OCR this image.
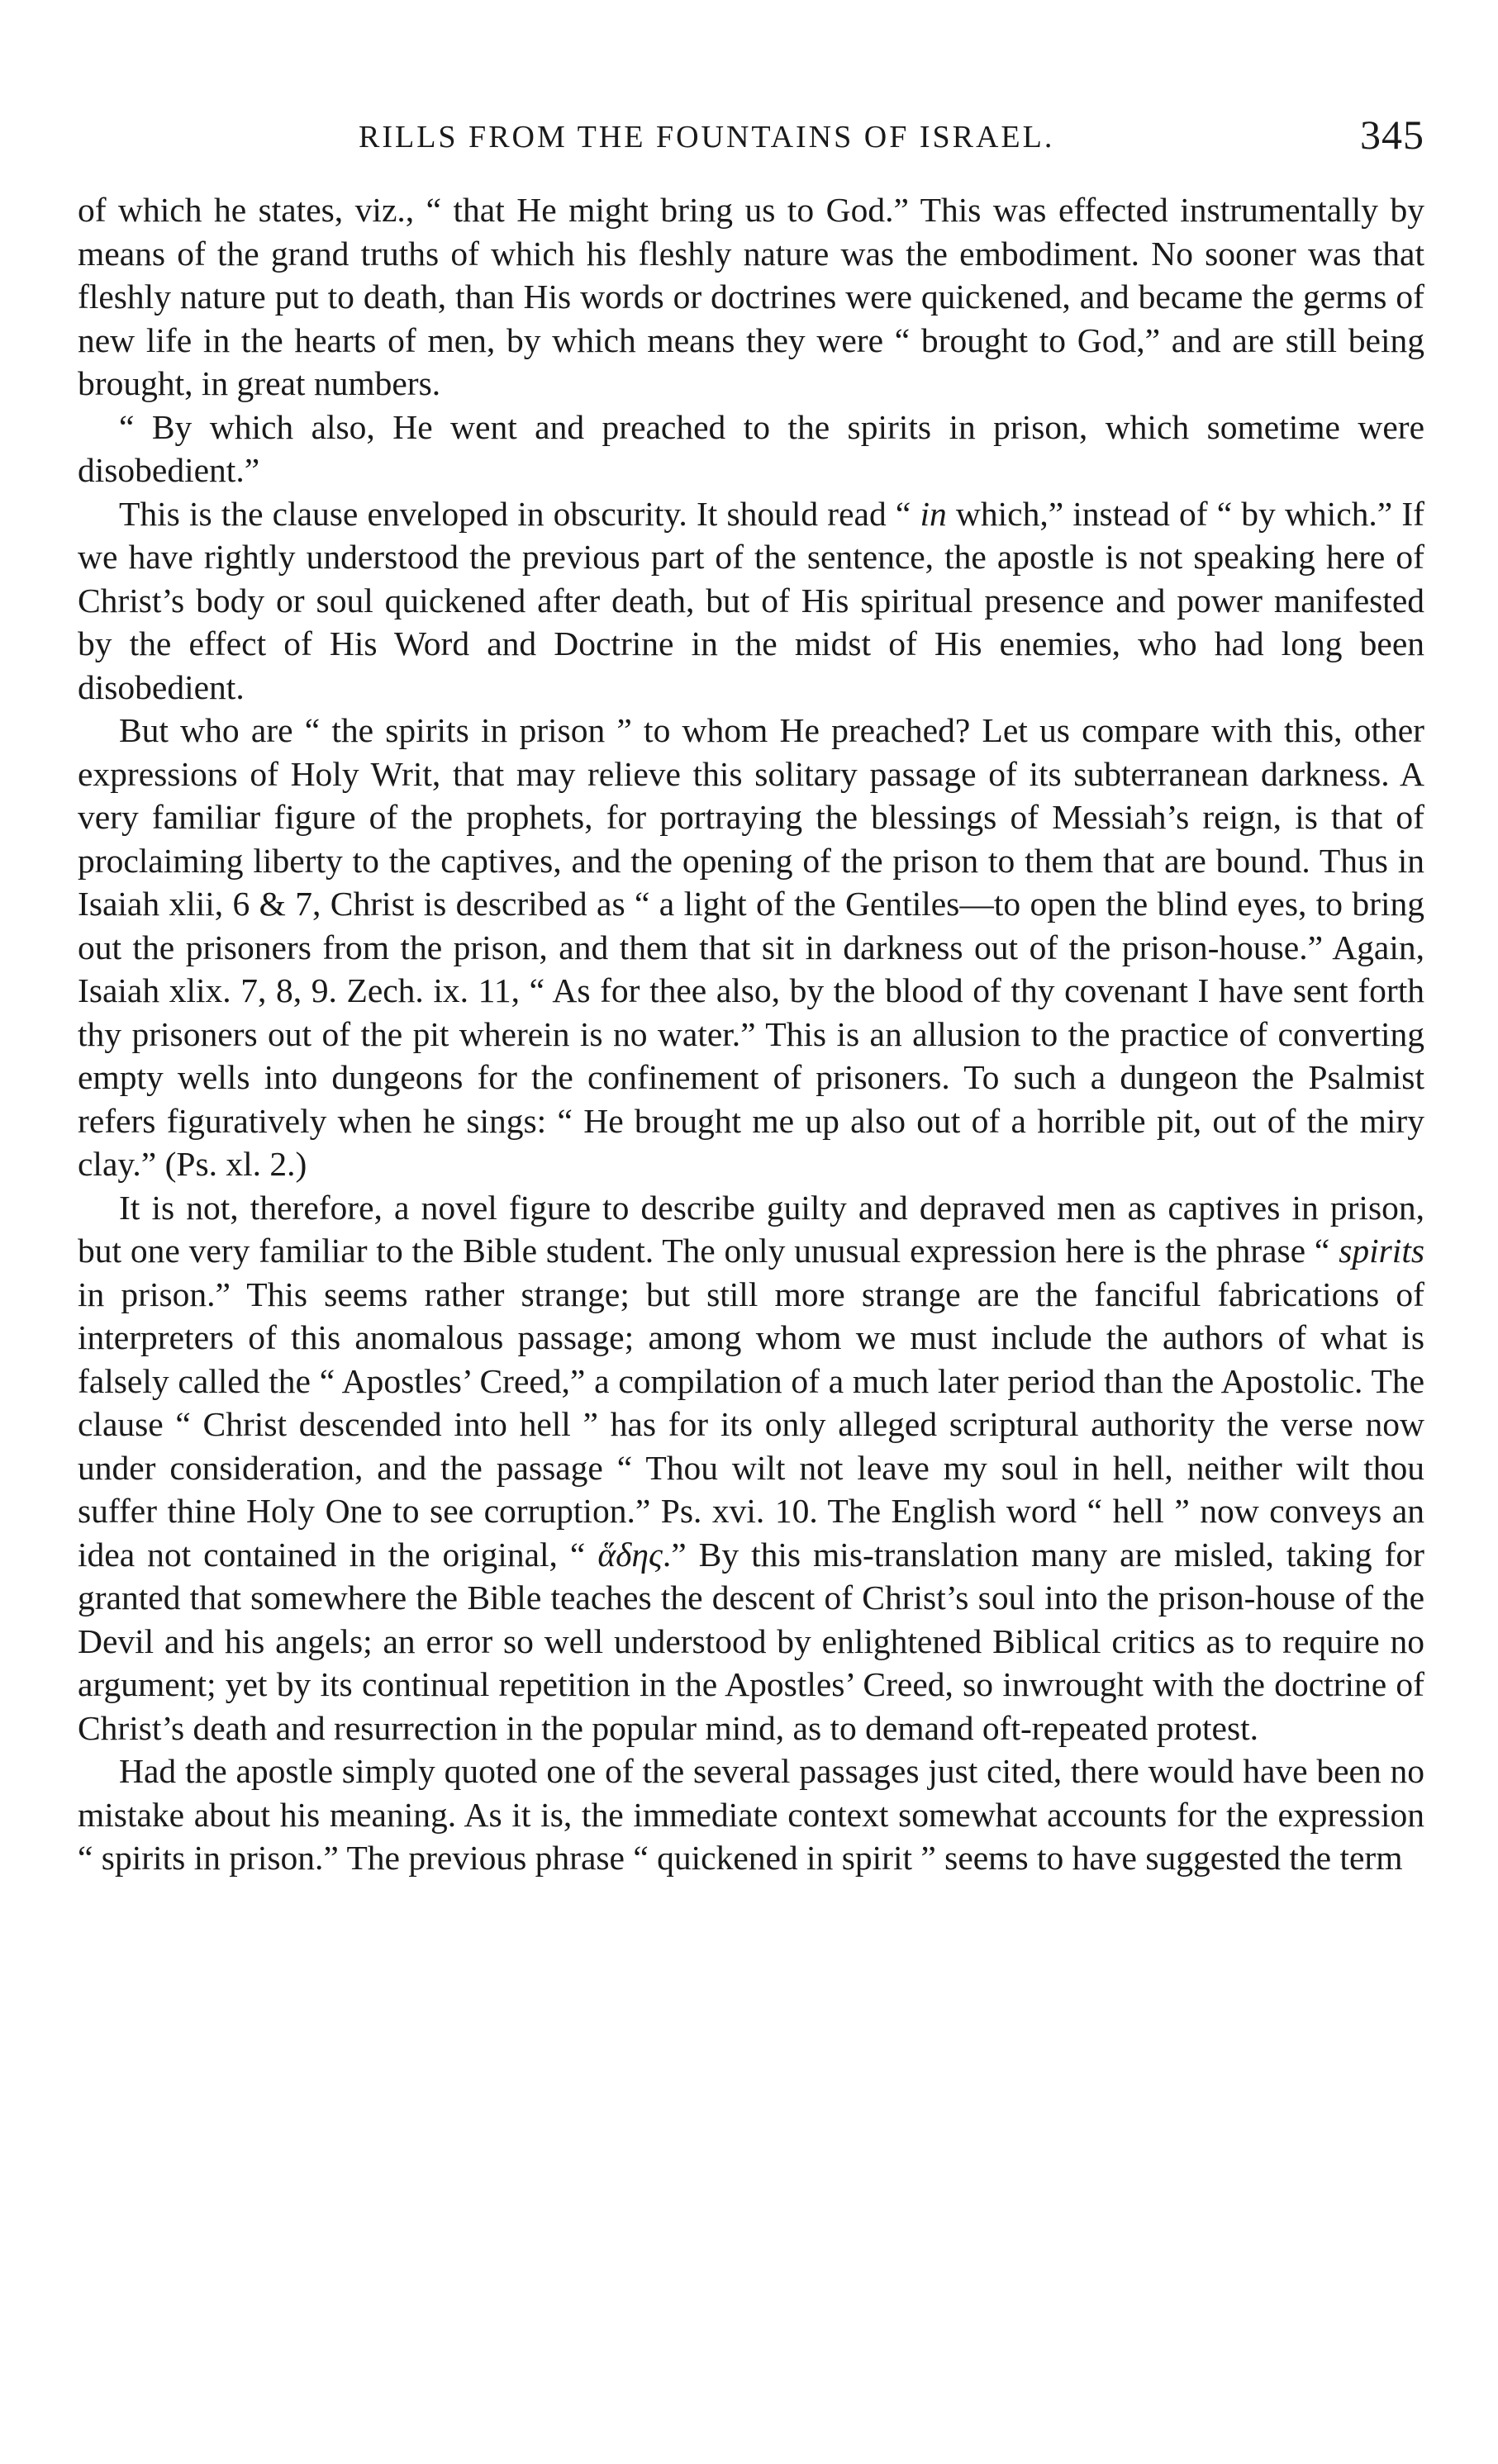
RILLS FROM THE FOUNTAINS OF ISRAEL.	345

of which he states, viz., “ that He might bring us to God.” This was effected instrumentally by means of the grand truths of which his fleshly nature was the embodiment. No sooner was that fleshly nature put to death, than His words or doctrines were quickened, and became the germs of new life in the hearts of men, by which means they were “ brought to God,” and are still being brought, in great numbers.

“ By which also, He went and preached to the spirits in prison, which sometime were disobedient.”

This is the clause enveloped in obscurity. It should read “ in which,” instead of “ by which.” If we have rightly understood the previous part of the sentence, the apostle is not speaking here of Christ’s body or soul quickened after death, but of His spiritual presence and power manifested by the effect of His Word and Doctrine in the midst of His enemies, who had long been disobedient.

But who are “ the spirits in prison ” to whom He preached? Let us compare with this, other expressions of Holy Writ, that may relieve this solitary passage of its subterranean darkness. A very familiar figure of the prophets, for portraying the blessings of Messiah’s reign, is that of proclaiming liberty to the captives, and the opening of the prison to them that are bound. Thus in Isaiah xlii, 6 & 7, Christ is described as “ a light of the Gentiles—to open the blind eyes, to bring out the prisoners from the prison, and them that sit in darkness out of the prison-house.” Again, Isaiah xlix. 7, 8, 9. Zech. ix. 11, “ As for thee also, by the blood of thy covenant I have sent forth thy prisoners out of the pit wherein is no water.” This is an allusion to the practice of converting empty wells into dungeons for the confinement of prisoners. To such a dungeon the Psalmist refers figuratively when he sings: “ He brought me up also out of a horrible pit, out of the miry clay.” (Ps. xl. 2.)

It is not, therefore, a novel figure to describe guilty and depraved men as captives in prison, but one very familiar to the Bible student. The only unusual expression here is the phrase “ spirits in prison.” This seems rather strange; but still more strange are the fanciful fabrications of interpreters of this anomalous passage; among whom we must include the authors of what is falsely called the “ Apostles’ Creed,” a compilation of a much later period than the Apostolic. The clause “ Christ descended into hell ” has for its only alleged scriptural authority the verse now under consideration, and the passage “ Thou wilt not leave my soul in hell, neither wilt thou suffer thine Holy One to see corruption.” Ps. xvi. 10. The English word “ hell ” now conveys an idea not contained in the original, “ ἅδης.” By this mis-translation many are misled, taking for granted that somewhere the Bible teaches the descent of Christ’s soul into the prison-house of the Devil and his angels; an error so well understood by enlightened Biblical critics as to require no argument; yet by its continual repetition in the Apostles’ Creed, so inwrought with the doctrine of Christ’s death and resurrection in the popular mind, as to demand oft-repeated protest.

Had the apostle simply quoted one of the several passages just cited, there would have been no mistake about his meaning. As it is, the immediate context somewhat accounts for the expression “ spirits in prison.” The previous phrase “ quickened in spirit ” seems to have suggested the term
